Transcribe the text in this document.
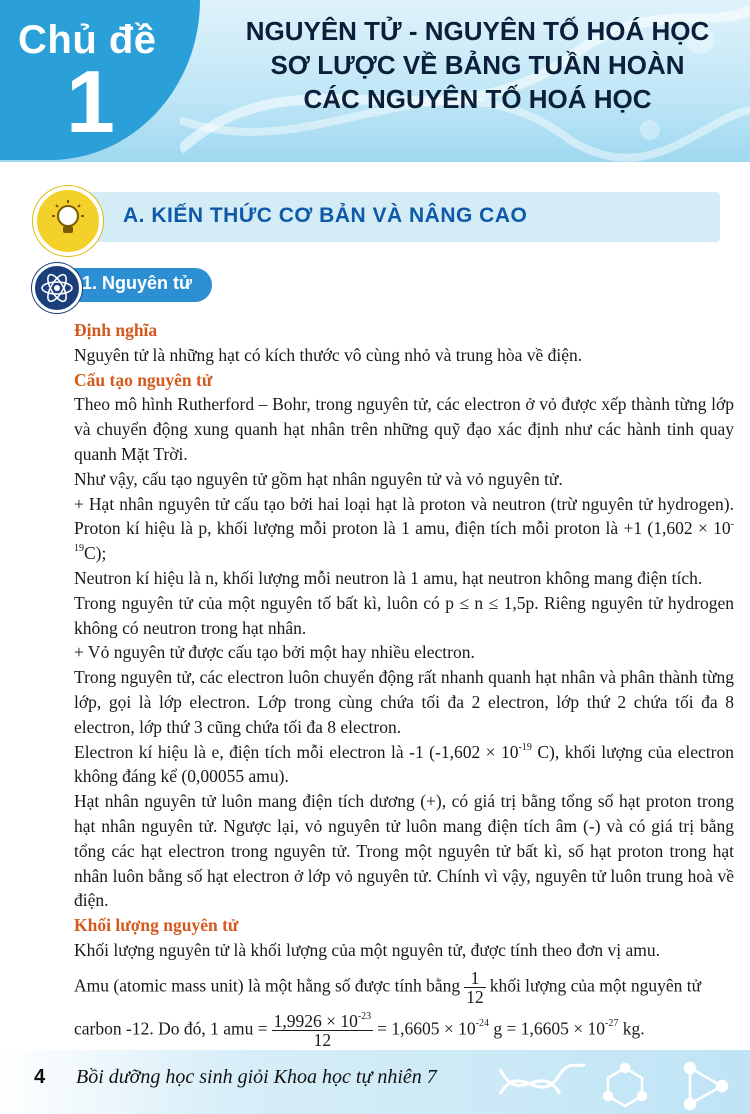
Chủ đề
1
NGUYÊN TỬ - NGUYÊN TỐ HOÁ HỌC
SƠ LƯỢC VỀ BẢNG TUẦN HOÀN
CÁC NGUYÊN TỐ HOÁ HỌC
A. KIẾN THỨC CƠ BẢN VÀ NÂNG CAO
1. Nguyên tử

Định nghĩa

Nguyên tử là những hạt có kích thước vô cùng nhỏ và trung hòa về điện.

Cấu tạo nguyên tử

Theo mô hình Rutherford – Bohr, trong nguyên tử, các electron ở vỏ được xếp thành từng lớp và chuyển động xung quanh hạt nhân trên những quỹ đạo xác định như các hành tinh quay quanh Mặt Trời.

Như vậy, cấu tạo nguyên tử gồm hạt nhân nguyên tử và vỏ nguyên tử.

+ Hạt nhân nguyên tử cấu tạo bởi hai loại hạt là proton và neutron (trừ nguyên tử hydrogen). Proton kí hiệu là p, khối lượng mỗi proton là 1 amu, điện tích mỗi proton là +1 $(1,602 \times 10^{-19}C)$;

Neutron kí hiệu là n, khối lượng mỗi neutron là 1 amu, hạt neutron không mang điện tích.

Trong nguyên tử của một nguyên tố bất kì, luôn có p ≤ n ≤ 1,5p. Riêng nguyên tử hydrogen không có neutron trong hạt nhân.

+ Vỏ nguyên tử được cấu tạo bởi một hay nhiều electron.

Trong nguyên tử, các electron luôn chuyển động rất nhanh quanh hạt nhân và phân thành từng lớp, gọi là lớp electron. Lớp trong cùng chứa tối đa 2 electron, lớp thứ 2 chứa tối đa 8 electron, lớp thứ 3 cũng chứa tối đa 8 electron.

Electron kí hiệu là e, điện tích mỗi electron là -1 ($-1,602 \times 10^{-19}$ C), khối lượng của electron không đáng kể (0,00055 amu).

Hạt nhân nguyên tử luôn mang điện tích dương (+), có giá trị bằng tổng số hạt proton trong hạt nhân nguyên tử. Ngược lại, vỏ nguyên tử luôn mang điện tích âm (-) và có giá trị bằng tổng các hạt electron trong nguyên tử. Trong một nguyên tử bất kì, số hạt proton trong hạt nhân luôn bằng số hạt electron ở lớp vỏ nguyên tử. Chính vì vậy, nguyên tử luôn trung hoà về điện.

Khối lượng nguyên tử

Khối lượng nguyên tử là khối lượng của một nguyên tử, được tính theo đơn vị amu.

Amu (atomic mass unit) là một hằng số được tính bằng $\frac{1}{12}$ khối lượng của một nguyên tử

carbon -12. Do đó, 1 amu = $\frac{1,9926 \times 10^{-23}}{12} = 1,6605 \times 10^{-24}$ $g = 1,6605 \times 10^{-27}$ kg.

4 Bồi dưỡng học sinh giỏi Khoa học tự nhiên 7
